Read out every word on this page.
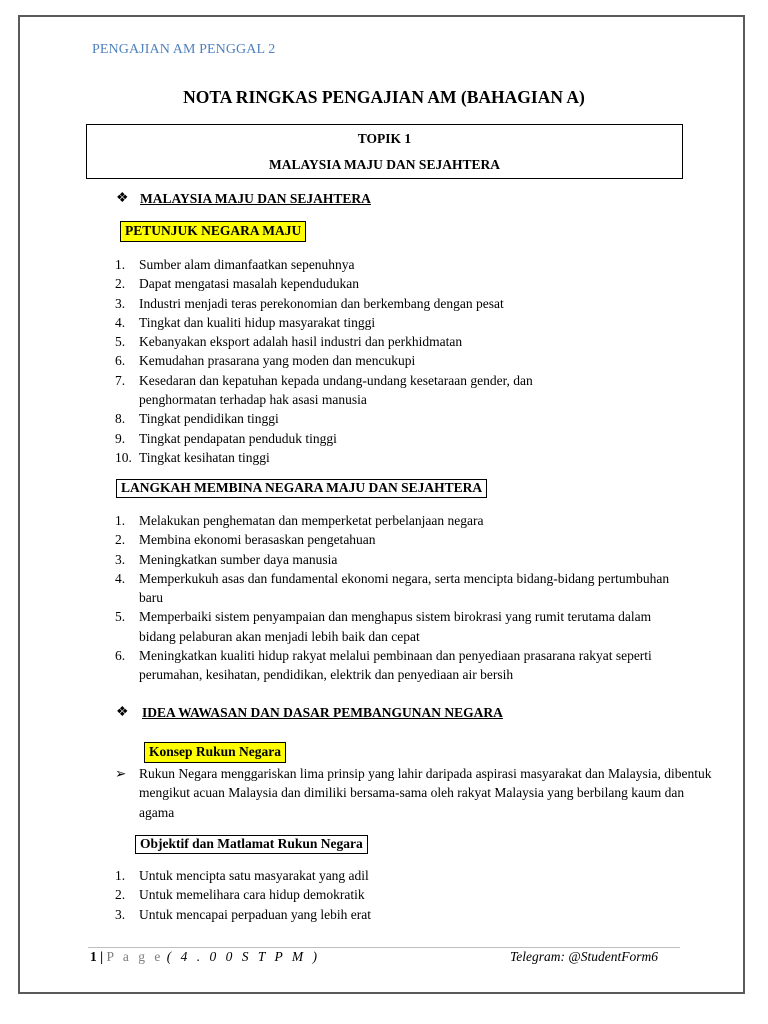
PENGAJIAN AM PENGGAL 2
NOTA RINGKAS PENGAJIAN AM (BAHAGIAN A)
TOPIK 1
MALAYSIA MAJU DAN SEJAHTERA
❖ MALAYSIA MAJU DAN SEJAHTERA
PETUNJUK NEGARA MAJU
1. Sumber alam dimanfaatkan sepenuhnya
2. Dapat mengatasi masalah kependudukan
3. Industri menjadi teras perekonomian dan berkembang dengan pesat
4. Tingkat dan kualiti hidup masyarakat tinggi
5. Kebanyakan eksport adalah hasil industri dan perkhidmatan
6. Kemudahan prasarana yang moden dan mencukupi
7. Kesedaran dan kepatuhan kepada undang-undang kesetaraan gender, dan penghormatan terhadap hak asasi manusia
8. Tingkat pendidikan tinggi
9. Tingkat pendapatan penduduk tinggi
10. Tingkat kesihatan tinggi
LANGKAH MEMBINA NEGARA MAJU DAN SEJAHTERA
1. Melakukan penghematan dan memperketat perbelanjaan negara
2. Membina ekonomi berasaskan pengetahuan
3. Meningkatkan sumber daya manusia
4. Memperkukuh asas dan fundamental ekonomi negara, serta mencipta bidang-bidang pertumbuhan baru
5. Memperbaiki sistem penyampaian dan menghapus sistem birokrasi yang rumit terutama dalam bidang pelaburan akan menjadi lebih baik dan cepat
6. Meningkatkan kualiti hidup rakyat melalui pembinaan dan penyediaan prasarana rakyat seperti perumahan, kesihatan, pendidikan, elektrik dan penyediaan air bersih
❖ IDEA WAWASAN DAN DASAR PEMBANGUNAN NEGARA
Konsep Rukun Negara
➢ Rukun Negara menggariskan lima prinsip yang lahir daripada aspirasi masyarakat dan Malaysia, dibentuk mengikut acuan Malaysia dan dimiliki bersama-sama oleh rakyat Malaysia yang berbilang kaum dan agama
Objektif dan Matlamat Rukun Negara
1. Untuk mencipta satu masyarakat yang adil
2. Untuk memelihara cara hidup demokratik
3. Untuk mencapai perpaduan yang lebih erat
1 | P a g e ( 4 . 0 0 S T P M )	Telegram: @StudentForm6
